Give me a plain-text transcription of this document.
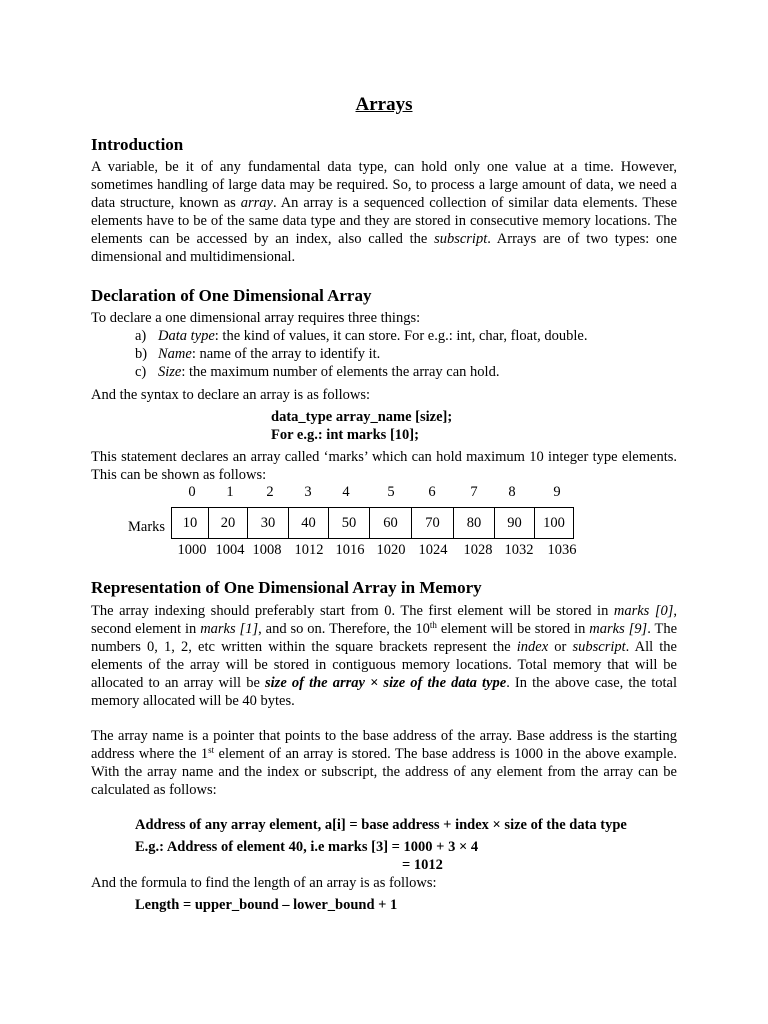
Arrays
Introduction

A variable, be it of any fundamental data type, can hold only one value at a time. However, sometimes handling of large data may be required. So, to process a large amount of data, we need a data structure, known as array. An array is a sequenced collection of similar data elements. These elements have to be of the same data type and they are stored in consecutive memory locations. The elements can be accessed by an index, also called the subscript. Arrays are of two types: one dimensional and multidimensional.

Declaration of One Dimensional Array
To declare a one dimensional array requires three things:
a) Data type: the kind of values, it can store. For e.g.: int, char, float, double.
b) Name: name of the array to identify it.
c) Size: the maximum number of elements the array can hold.
And the syntax to declare an array is as follows:
data_type array_name [size];
For e.g.: int marks [10];

This statement declares an array called ‘marks’ which can hold maximum 10 integer type elements. This can be shown as follows:

0	1	2	3	4	5	6	7	8	9
Marks	10	20	30	40	50	60	70	80	90	100
1000 1004 1008 1012 1016 1020 1024	1028 1032 1036
Representation of One Dimensional Array in Memory

The array indexing should preferably start from 0. The first element will be stored in marks [0], second element in marks [1], and so on. Therefore, the 10th element will be stored in marks [9]. The numbers 0, 1, 2, etc written within the square brackets represent the index or subscript. All the elements of the array will be stored in contiguous memory locations. Total memory that will be allocated to an array will be size of the array × size of the data type. In the above case, the total memory allocated will be 40 bytes.

The array name is a pointer that points to the base address of the array. Base address is the starting address where the 1st element of an array is stored. The base address is 1000 in the above example. With the array name and the index or subscript, the address of any element from the array can be calculated as follows:

Address of any array element, a[i] = base address + index × size of the data type
E.g.: Address of element 40, i.e marks [3] = 1000 + 3 × 4
= 1012
And the formula to find the length of an array is as follows:
Length = upper_bound – lower_bound + 1
